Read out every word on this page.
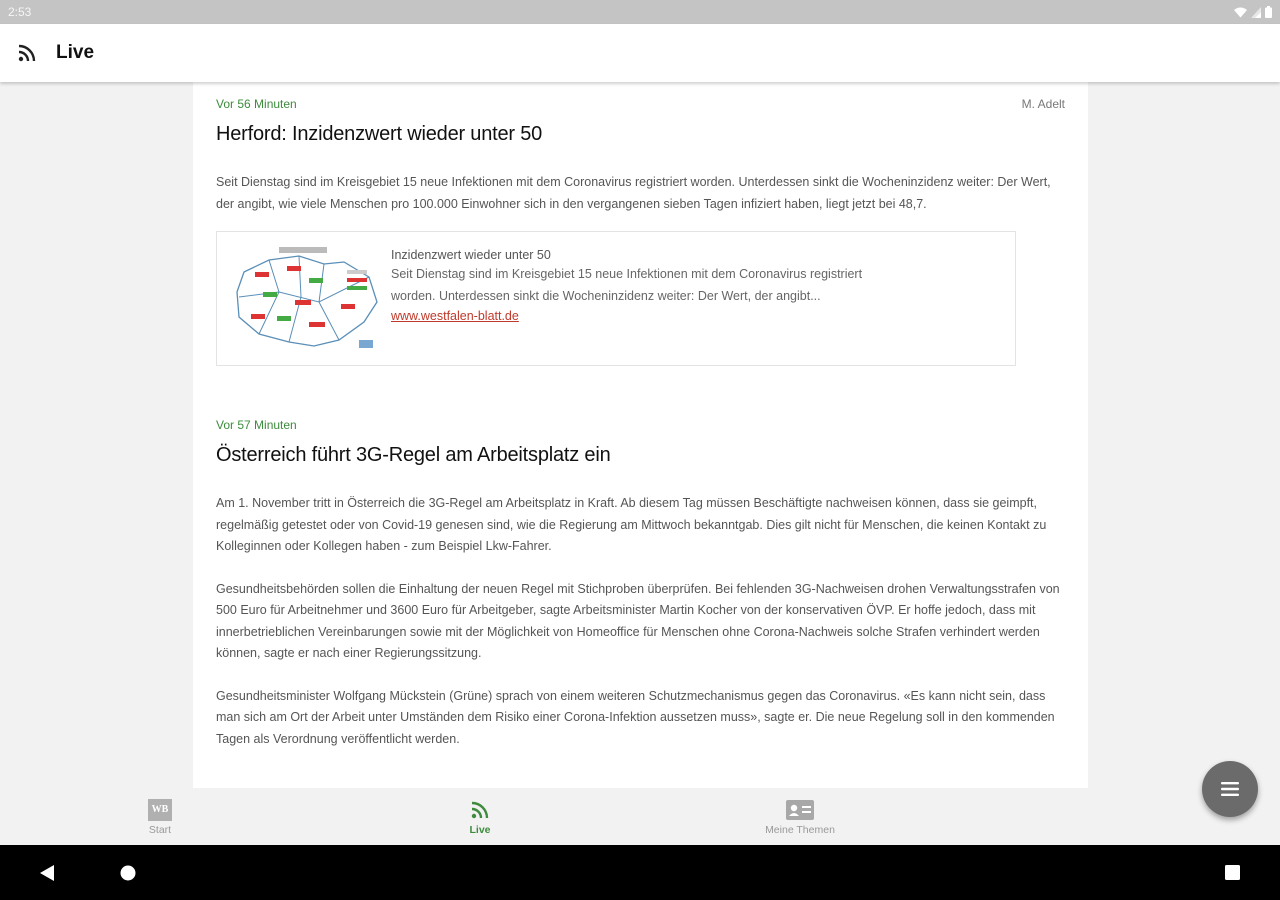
2:53
Live
Vor 56 Minuten	M. Adelt
Herford: Inzidenzwert wieder unter 50

Seit Dienstag sind im Kreisgebiet 15 neue Infektionen mit dem Coronavirus registriert worden. Unterdessen sinkt die Wocheninzidenz weiter: Der Wert, der angibt, wie viele Menschen pro 100.000 Einwohner sich in den vergangenen sieben Tagen infiziert haben, liegt jetzt bei 48,7.

Inzidenzwert wieder unter 50
Seit Dienstag sind im Kreisgebiet 15 neue Infektionen mit dem Coronavirus registriert worden. Unterdessen sinkt die Wocheninzidenz weiter: Der Wert, der angibt...
www.westfalen-blatt.de
Vor 57 Minuten
Österreich führt 3G-Regel am Arbeitsplatz ein

Am 1. November tritt in Österreich die 3G-Regel am Arbeitsplatz in Kraft. Ab diesem Tag müssen Beschäftigte nachweisen können, dass sie geimpft, regelmäßig getestet oder von Covid-19 genesen sind, wie die Regierung am Mittwoch bekanntgab. Dies gilt nicht für Menschen, die keinen Kontakt zu Kolleginnen oder Kollegen haben - zum Beispiel Lkw-Fahrer.

Gesundheitsbehörden sollen die Einhaltung der neuen Regel mit Stichproben überprüfen. Bei fehlenden 3G-Nachweisen drohen Verwaltungsstrafen von 500 Euro für Arbeitnehmer und 3600 Euro für Arbeitgeber, sagte Arbeitsminister Martin Kocher von der konservativen ÖVP. Er hoffe jedoch, dass mit innerbetrieblichen Vereinbarungen sowie mit der Möglichkeit von Homeoffice für Menschen ohne Corona-Nachweis solche Strafen verhindert werden können, sagte er nach einer Regierungssitzung.

Gesundheitsminister Wolfgang Mückstein (Grüne) sprach von einem weiteren Schutzmechanismus gegen das Coronavirus. «Es kann nicht sein, dass man sich am Ort der Arbeit unter Umständen dem Risiko einer Corona-Infektion aussetzen muss», sagte er. Die neue Regelung soll in den kommenden Tagen als Verordnung veröffentlicht werden.

WB
Start	Live	Meine Themen
